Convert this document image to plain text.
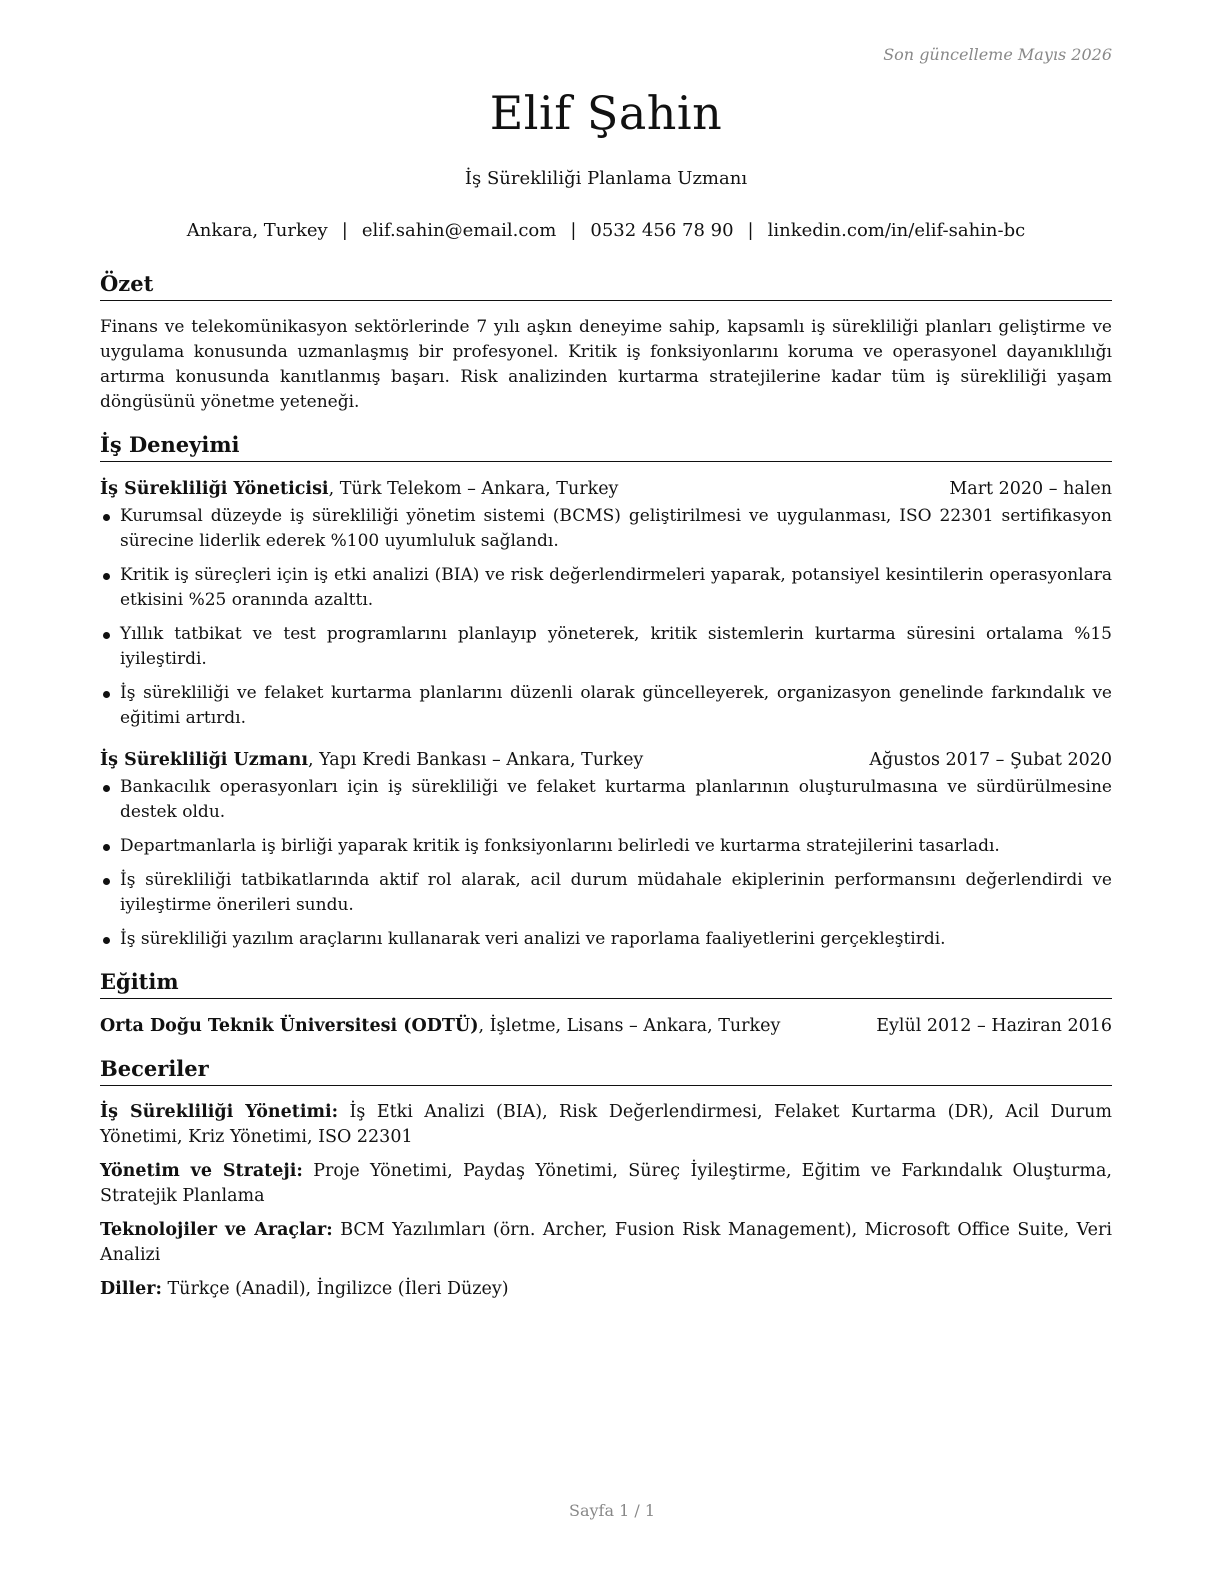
Son güncelleme Mayıs 2026
Elif Şahin
İş Sürekliliği Planlama Uzmanı
Ankara, Turkey | elif.sahin@email.com | 0532 456 78 90 | linkedin.com/in/elif-sahin-bc
Özet

Finans ve telekomünikasyon sektörlerinde 7 yılı aşkın deneyime sahip, kapsamlı iş sürekliliği planları geliştirme ve uygulama konusunda uzmanlaşmış bir profesyonel. Kritik iş fonksiyonlarını koruma ve operasyonel dayanıklılığı artırma konusunda kanıtlanmış başarı. Risk analizinden kurtarma stratejilerine kadar tüm iş sürekliliği yaşam döngüsünü yönetme yeteneği.

İş Deneyimi
İş Sürekliliği Yöneticisi, Türk Telekom – Ankara, Turkey	Mart 2020 – halen
Kurumsal düzeyde iş sürekliliği yönetim sistemi (BCMS) geliştirilmesi ve uygulanması, ISO 22301 sertifikasyon sürecine liderlik ederek %100 uyumluluk sağlandı.
Kritik iş süreçleri için iş etki analizi (BIA) ve risk değerlendirmeleri yaparak, potansiyel kesintilerin operasyonlara etkisini %25 oranında azalttı.
Yıllık tatbikat ve test programlarını planlayıp yöneterek, kritik sistemlerin kurtarma süresini ortalama %15 iyileştirdi.
İş sürekliliği ve felaket kurtarma planlarını düzenli olarak güncelleyerek, organizasyon genelinde farkındalık ve eğitimi artırdı.
İş Sürekliliği Uzmanı, Yapı Kredi Bankası – Ankara, Turkey	Ağustos 2017 – Şubat 2020
Bankacılık operasyonları için iş sürekliliği ve felaket kurtarma planlarının oluşturulmasına ve sürdürülmesine destek oldu.
Departmanlarla iş birliği yaparak kritik iş fonksiyonlarını belirledi ve kurtarma stratejilerini tasarladı.
İş sürekliliği tatbikatlarında aktif rol alarak, acil durum müdahale ekiplerinin performansını değerlendirdi ve iyileştirme önerileri sundu.
İş sürekliliği yazılım araçlarını kullanarak veri analizi ve raporlama faaliyetlerini gerçekleştirdi.
Eğitim
Orta Doğu Teknik Üniversitesi (ODTÜ), İşletme, Lisans – Ankara, Turkey	Eylül 2012 – Haziran 2016
Beceriler
İş Sürekliliği Yönetimi: İş Etki Analizi (BIA), Risk Değerlendirmesi, Felaket Kurtarma (DR), Acil Durum Yönetimi, Kriz Yönetimi, ISO 22301
Yönetim ve Strateji: Proje Yönetimi, Paydaş Yönetimi, Süreç İyileştirme, Eğitim ve Farkındalık Oluşturma, Stratejik Planlama
Teknolojiler ve Araçlar: BCM Yazılımları (örn. Archer, Fusion Risk Management), Microsoft Office Suite, Veri Analizi
Diller: Türkçe (Anadil), İngilizce (İleri Düzey)
Sayfa 1 / 1
